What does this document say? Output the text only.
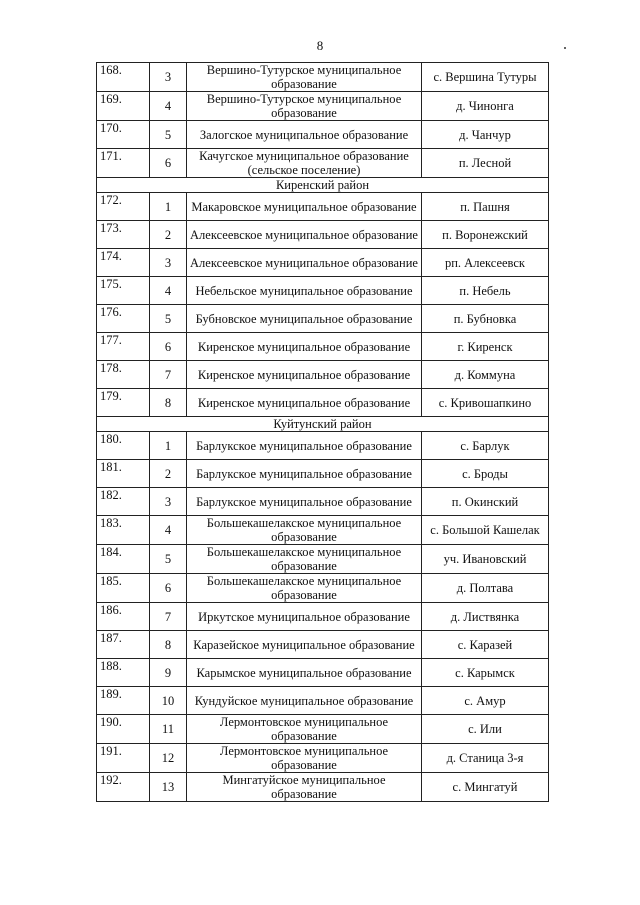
8
168.	3	Вершино-Тутурское муниципальное образование	с. Вершина Тутуры
169.	4	Вершино-Тутурское муниципальное образование	д. Чинонга
170.	5	Залогское муниципальное образование	д. Чанчур
171.	6	Качугское муниципальное образование (сельское поселение)	п. Лесной
Киренский район			
172.	1	Макаровское муниципальное образование	п. Пашня
173.	2	Алексеевское муниципальное образование	п. Воронежский
174.	3	Алексеевское муниципальное образование	рп. Алексеевск
175.	4	Небельское муниципальное образование	п. Небель
176.	5	Бубновское муниципальное образование	п. Бубновка
177.	6	Киренское муниципальное образование	г. Киренск
178.	7	Киренское муниципальное образование	д. Коммуна
179.	8	Киренское муниципальное образование	с. Кривошапкино
Куйтунский район			
180.	1	Барлукское муниципальное образование	с. Барлук
181.	2	Барлукское муниципальное образование	с. Броды
182.	3	Барлукское муниципальное образование	п. Окинский
183.	4	Большекашелакское муниципальное образование	с. Большой Кашелак
184.	5	Большекашелакское муниципальное образование	уч. Ивановский
185.	6	Большекашелакское муниципальное образование	д. Полтава
186.	7	Иркутское муниципальное образование	д. Листвянка
187.	8	Каразейское муниципальное образование	с. Каразей
188.	9	Карымское муниципальное образование	с. Карымск
189.	10	Кундуйское муниципальное образование	с. Амур
190.	11	Лермонтовское муниципальное образование	с. Или
191.	12	Лермонтовское муниципальное образование	д. Станица 3-я
192.	13	Мингатуйское муниципальное образование	с. Мингатуй
